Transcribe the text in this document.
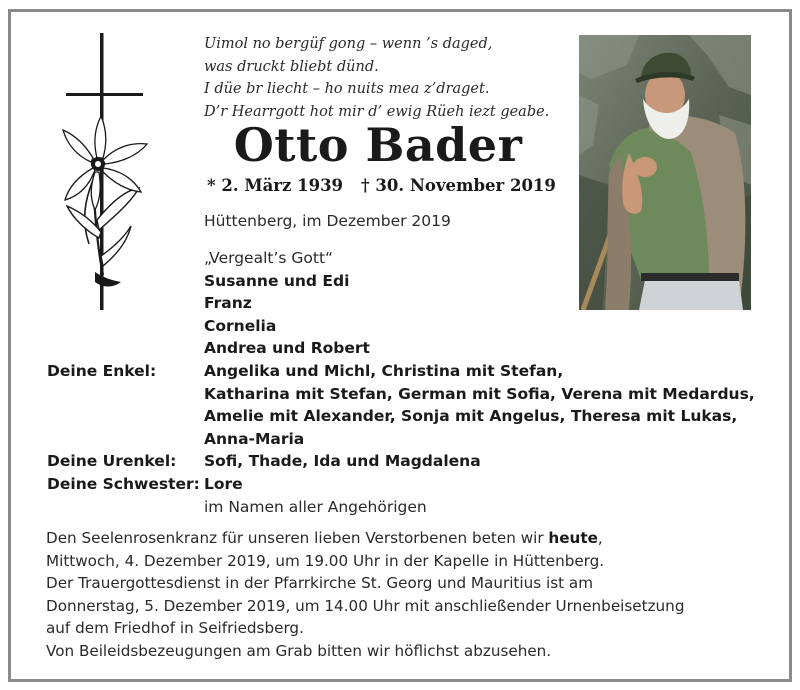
Uimol no bergüf gong – wenn ’s daged,
was druckt bliebt dünd.
I düe br liecht – ho nuits mea z’draget.
D’r Hearrgott hot mir d’ ewig Rüeh iezt geabe.
Otto Bader
* 2. März 1939 † 30. November 2019
Hüttenberg, im Dezember 2019
„Vergealt’s Gott“
Susanne und Edi
Franz
Cornelia
Andrea und Robert
Deine Enkel:	Angelika und Michl, Christina mit Stefan,
Katharina mit Stefan, German mit Sofia, Verena mit Medardus,
Amelie mit Alexander, Sonja mit Angelus, Theresa mit Lukas,
Anna-Maria
Deine Urenkel:	Sofi, Thade, Ida und Magdalena
Deine Schwester: Lore
im Namen aller Angehörigen
Den Seelenrosenkranz für unseren lieben Verstorbenen beten wir heute,
Mittwoch, 4. Dezember 2019, um 19.00 Uhr in der Kapelle in Hüttenberg.
Der Trauergottesdienst in der Pfarrkirche St. Georg und Mauritius ist am
Donnerstag, 5. Dezember 2019, um 14.00 Uhr mit anschließender Urnenbeisetzung
auf dem Friedhof in Seifriedsberg.
Von Beileidsbezeugungen am Grab bitten wir höflichst abzusehen.
